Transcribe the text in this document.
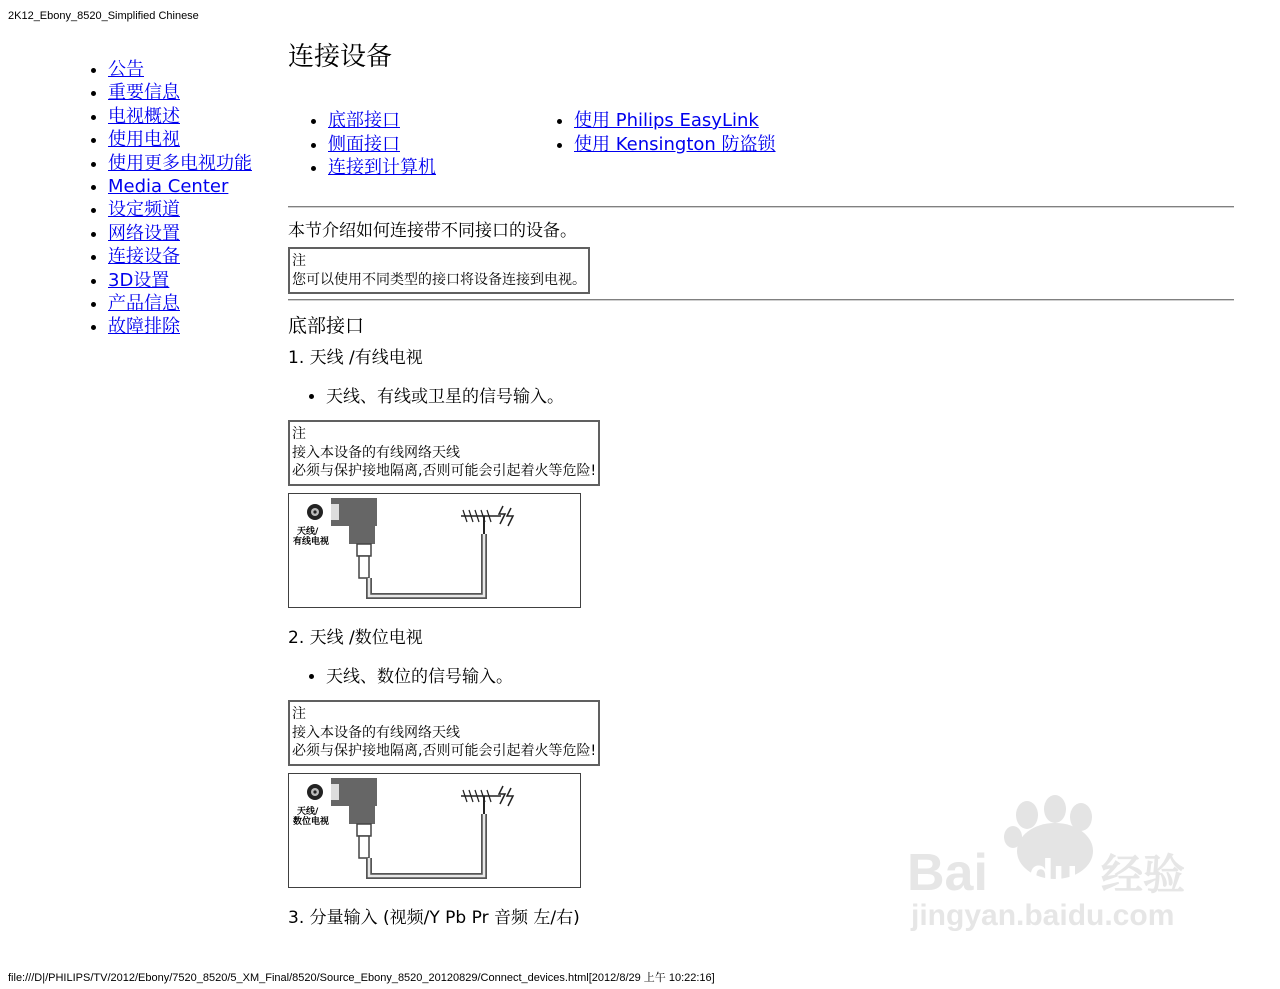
2K12_Ebony_8520_Simplified Chinese
• 公告
• 重要信息
• 电视概述
• 使用电视
• 使用更多电视功能
• Media Center
• 设定频道
• 网络设置
• 连接设备
• 3D设置
• 产品信息
• 故障排除
连接设备
• 底部接口
• 侧面接口
• 连接到计算机
• 使用 Philips EasyLink
• 使用 Kensington 防盗锁
本节介绍如何连接带不同接口的设备。
注
您可以使用不同类型的接口将设备连接到电视。
底部接口
1. 天线 /有线电视
• 天线、有线或卫星的信号输入。
注
接入本设备的有线网络天线
必须与保护接地隔离,否则可能会引起着火等危险!
天线/
有线电视
2. 天线 /数位电视
• 天线、数位的信号输入。
注
接入本设备的有线网络天线
必须与保护接地隔离,否则可能会引起着火等危险!
天线/
数位电视
3. 分量输入 (视频/Y Pb Pr 音频 左/右)
Bai du 经验
jingyan.baidu.com
file:///D|/PHILIPS/TV/2012/Ebony/7520_8520/5_XM_Final/8520/Source_Ebony_8520_20120829/Connect_devices.html[2012/8/29 上午 10:22:16]
